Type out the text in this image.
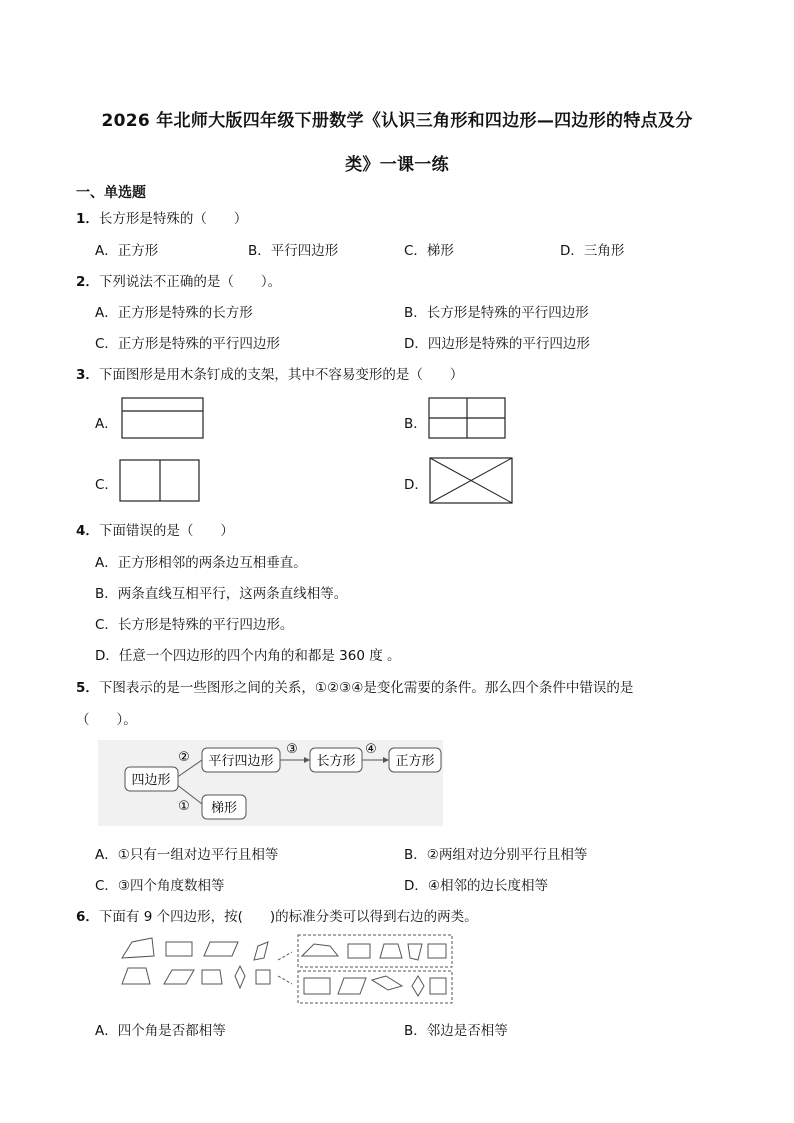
2026 年北师大版四年级下册数学《认识三角形和四边形—四边形的特点及分
类》一课一练
一、单选题
1．长方形是特殊的（　　）
A．正方形	B．平行四边形	C．梯形	D．三角形
2．下列说法不正确的是（　　）。
A．正方形是特殊的长方形	B．长方形是特殊的平行四边形
C．正方形是特殊的平行四边形	D．四边形是特殊的平行四边形
3．下面图形是用木条钉成的支架，其中不容易变形的是（　　）
A．	B．
C．	D．
4．下面错误的是（　　）
A．正方形相邻的两条边互相垂直。
B．两条直线互相平行，这两条直线相等。
C．长方形是特殊的平行四边形。
D．任意一个四边形的四个内角的和都是 360 度 。
5．下图表示的是一些图形之间的关系，①②③④是变化需要的条件。那么四个条件中错误的是
（　　）。
四边形
平行四边形	长方形	正方形
梯形
②
③	④
①
A．①只有一组对边平行且相等	B．②两组对边分别平行且相等
C．③四个角度数相等	D．④相邻的边长度相等
6．下面有 9 个四边形，按(　　)的标准分类可以得到右边的两类。
A．四个角是否都相等	B．邻边是否相等
